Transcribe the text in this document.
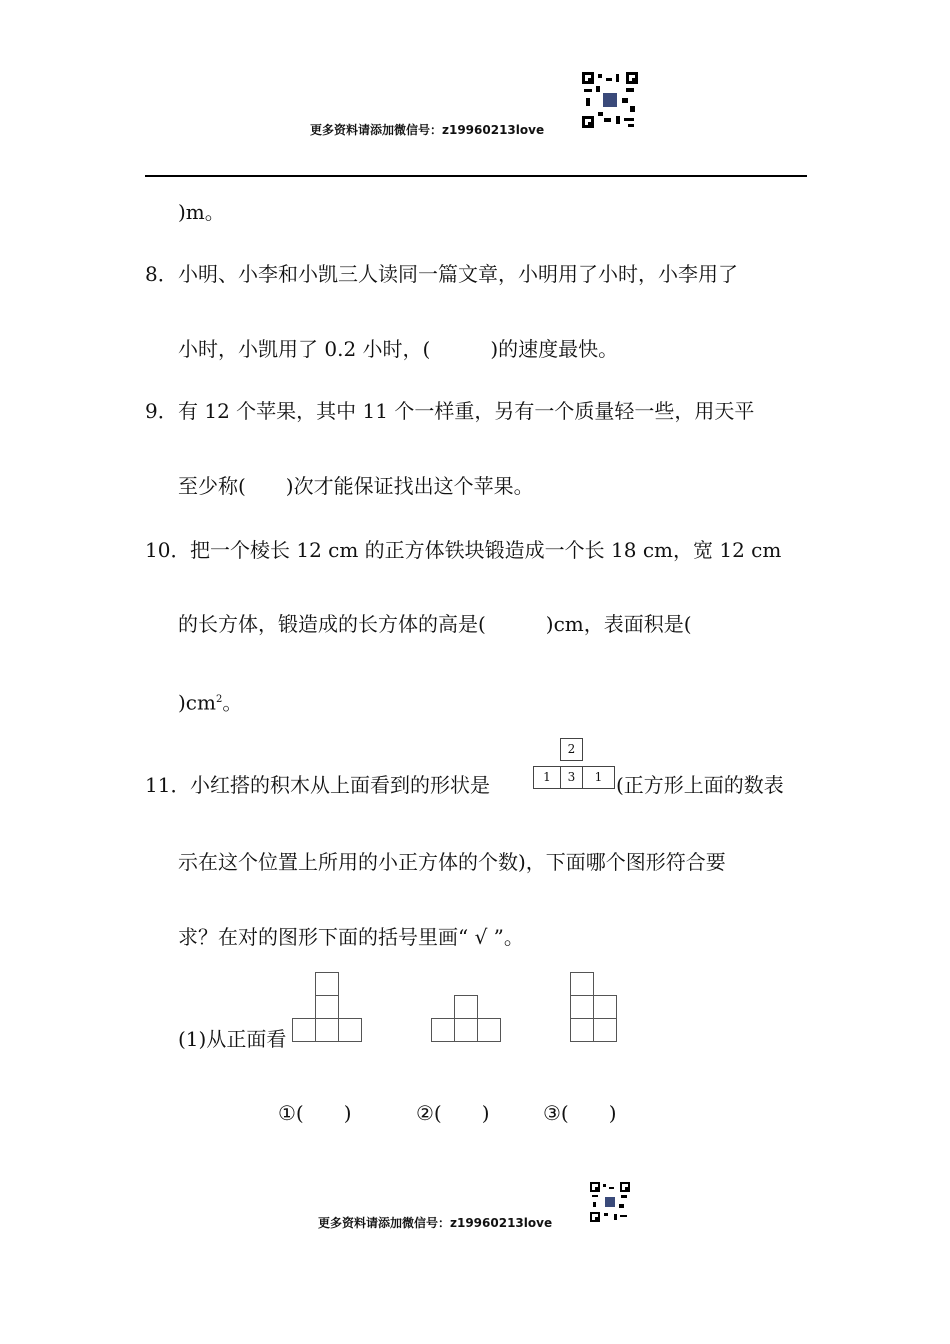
更多资料请添加微信号：z19960213love
)m。
8． 小明、小李和小凯三人读同一篇文章，小明用了小时，小李用了
小时，小凯用了 0.2 小时，(　　　)的速度最快。
9． 有 12 个苹果，其中 11 个一样重，另有一个质量轻一些，用天平
至少称(　　)次才能保证找出这个苹果。
10． 把一个棱长 12 cm 的正方体铁块锻造成一个长 18 cm，宽 12 cm
的长方体，锻造成的长方体的高是(　　　)cm，表面积是(
)$cm^2$。
11． 小红搭的积木从上面看到的形状是
2
1	3	1 (正方形上面的数表
示在这个位置上所用的小正方体的个数)，下面哪个图形符合要
求？在对的图形下面的括号里画“ √ ”。
(1)从正面看
①(　　)	②(　　)	③(　　)
更多资料请添加微信号：z19960213love
